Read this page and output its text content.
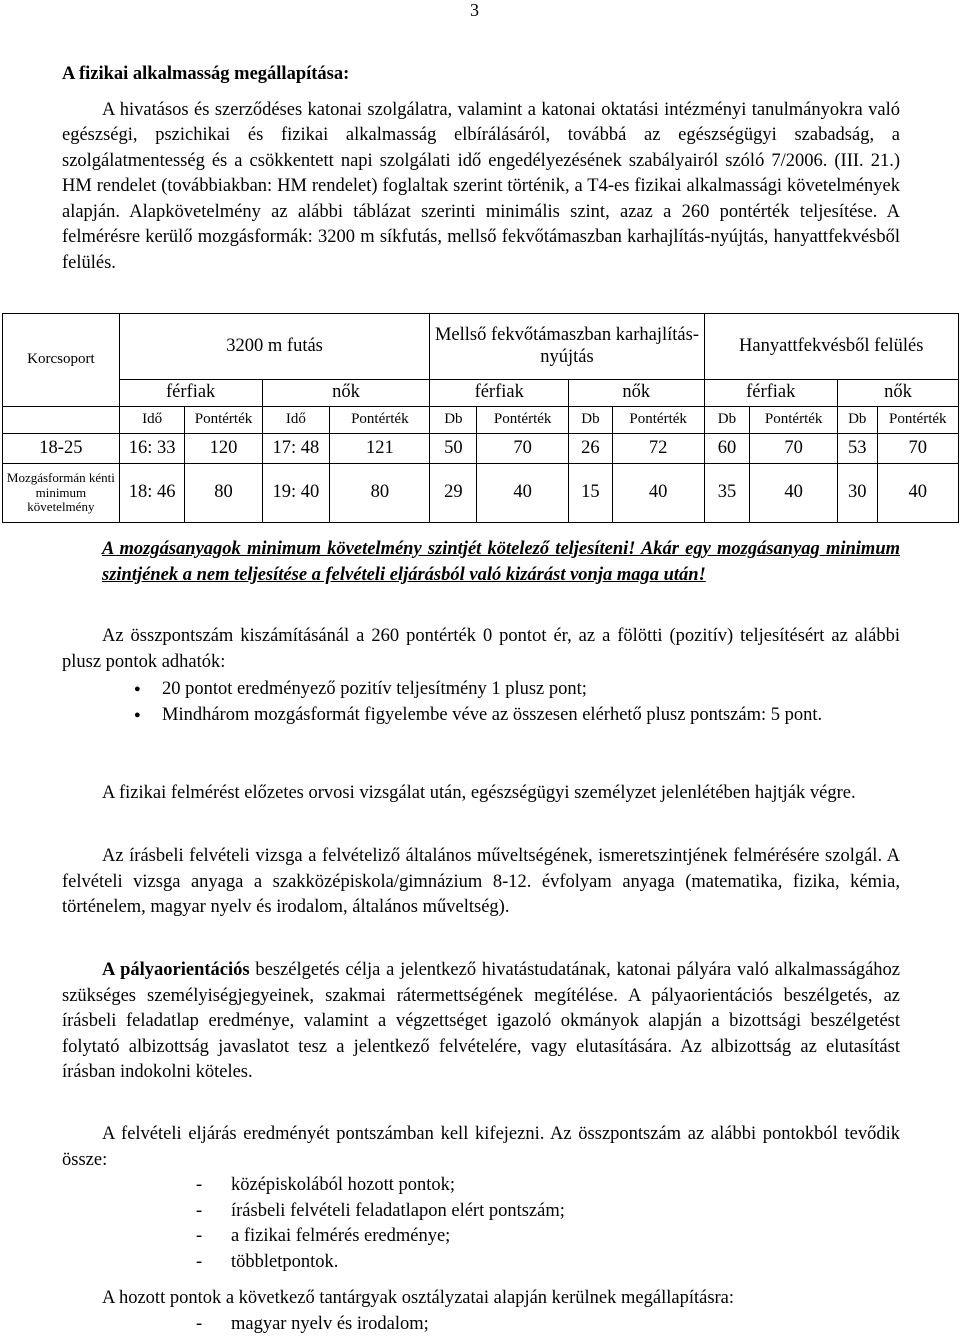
3
A fizikai alkalmasság megállapítása:

A hivatásos és szerződéses katonai szolgálatra, valamint a katonai oktatási intézményi tanulmányokra való egészségi, pszichikai és fizikai alkalmasság elbírálásáról, továbbá az egészségügyi szabadság, a szolgálatmentesség és a csökkentett napi szolgálati idő engedélyezésének szabályairól szóló 7/2006. (III. 21.) HM rendelet (továbbiakban: HM rendelet) foglaltak szerint történik, a T4-es fizikai alkalmassági követelmények alapján. Alapkövetelmény az alábbi táblázat szerinti minimális szint, azaz a 260 pontérték teljesítése. A felmérésre kerülő mozgásformák: 3200 m síkfutás, mellső fekvőtámaszban karhajlítás-nyújtás, hanyattfekvésből felülés.

Korcsoport	3200 m futás				Mellső fekvőtámaszban karhajlítás-nyújtás				Hanyattfekvésből felülés			
	férfiak		nők		férfiak		nők		férfiak		nők	
	Idő	Pontérték	Idő	Pontérték	Db	Pontérték	Db	Pontérték	Db	Pontérték	Db	Pontérték
18-25	16: 33	120	17: 48	121	50	70	26	72	60	70	53	70
Mozgásformán kénti minimum követelmény	18: 46	80	19: 40	80	29	40	15	40	35	40	30	40

A mozgásanyagok minimum követelmény szintjét kötelező teljesíteni! Akár egy mozgásanyag minimum szintjének a nem teljesítése a felvételi eljárásból való kizárást vonja maga után!

Az összpontszám kiszámításánál a 260 pontérték 0 pontot ér, az a fölötti (pozitív) teljesítésért az alábbi plusz pontok adhatók:

● 20 pontot eredményező pozitív teljesítmény 1 plusz pont;
● Mindhárom mozgásformát figyelembe véve az összesen elérhető plusz pontszám: 5 pont.

A fizikai felmérést előzetes orvosi vizsgálat után, egészségügyi személyzet jelenlétében hajtják végre.

Az írásbeli felvételi vizsga a felvételiző általános műveltségének, ismeretszintjének felmérésére szolgál. A felvételi vizsga anyaga a szakközépiskola/gimnázium 8-12. évfolyam anyaga (matematika, fizika, kémia, történelem, magyar nyelv és irodalom, általános műveltség).

A pályaorientációs beszélgetés célja a jelentkező hivatástudatának, katonai pályára való alkalmasságához szükséges személyiségjegyeinek, szakmai rátermettségének megítélése. A pályaorientációs beszélgetés, az írásbeli feladatlap eredménye, valamint a végzettséget igazoló okmányok alapján a bizottsági beszélgetést folytató albizottság javaslatot tesz a jelentkező felvételére, vagy elutasítására. Az albizottság az elutasítást írásban indokolni köteles.

A felvételi eljárás eredményét pontszámban kell kifejezni. Az összpontszám az alábbi pontokból tevődik össze:

- középiskolából hozott pontok;
- írásbeli felvételi feladatlapon elért pontszám;
- a fizikai felmérés eredménye;
- többletpontok.

A hozott pontok a következő tantárgyak osztályzatai alapján kerülnek megállapításra:

- magyar nyelv és irodalom;
